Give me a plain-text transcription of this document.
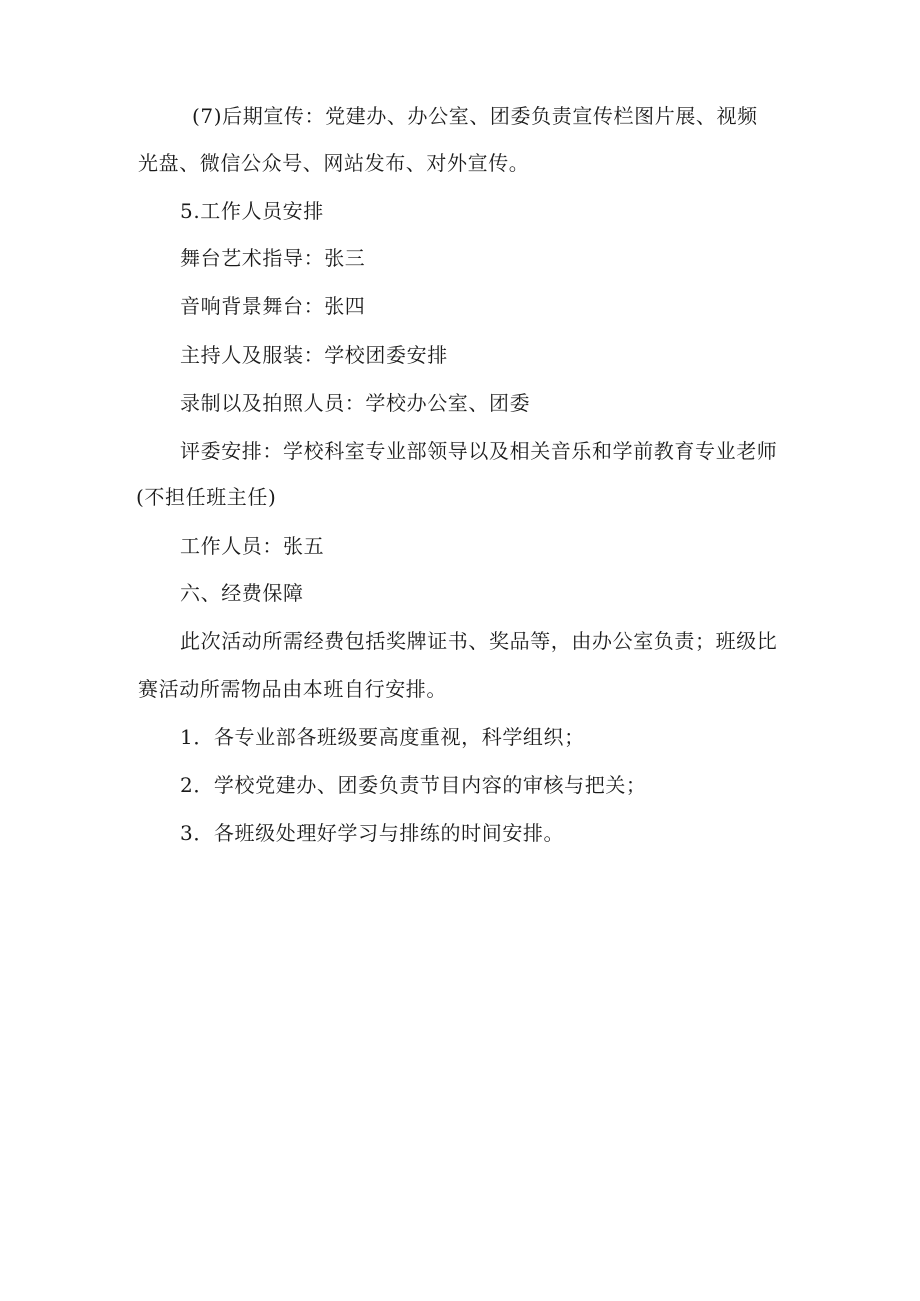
(7)后期宣传：党建办、办公室、团委负责宣传栏图片展、视频
光盘、微信公众号、网站发布、对外宣传。
5.工作人员安排
舞台艺术指导：张三
音响背景舞台：张四
主持人及服装：学校团委安排
录制以及拍照人员：学校办公室、团委
评委安排：学校科室专业部领导以及相关音乐和学前教育专业老师
(不担任班主任)
工作人员：张五
六、经费保障
此次活动所需经费包括奖牌证书、奖品等，由办公室负责；班级比
赛活动所需物品由本班自行安排。
1．各专业部各班级要高度重视，科学组织；
2．学校党建办、团委负责节目内容的审核与把关；
3．各班级处理好学习与排练的时间安排。
